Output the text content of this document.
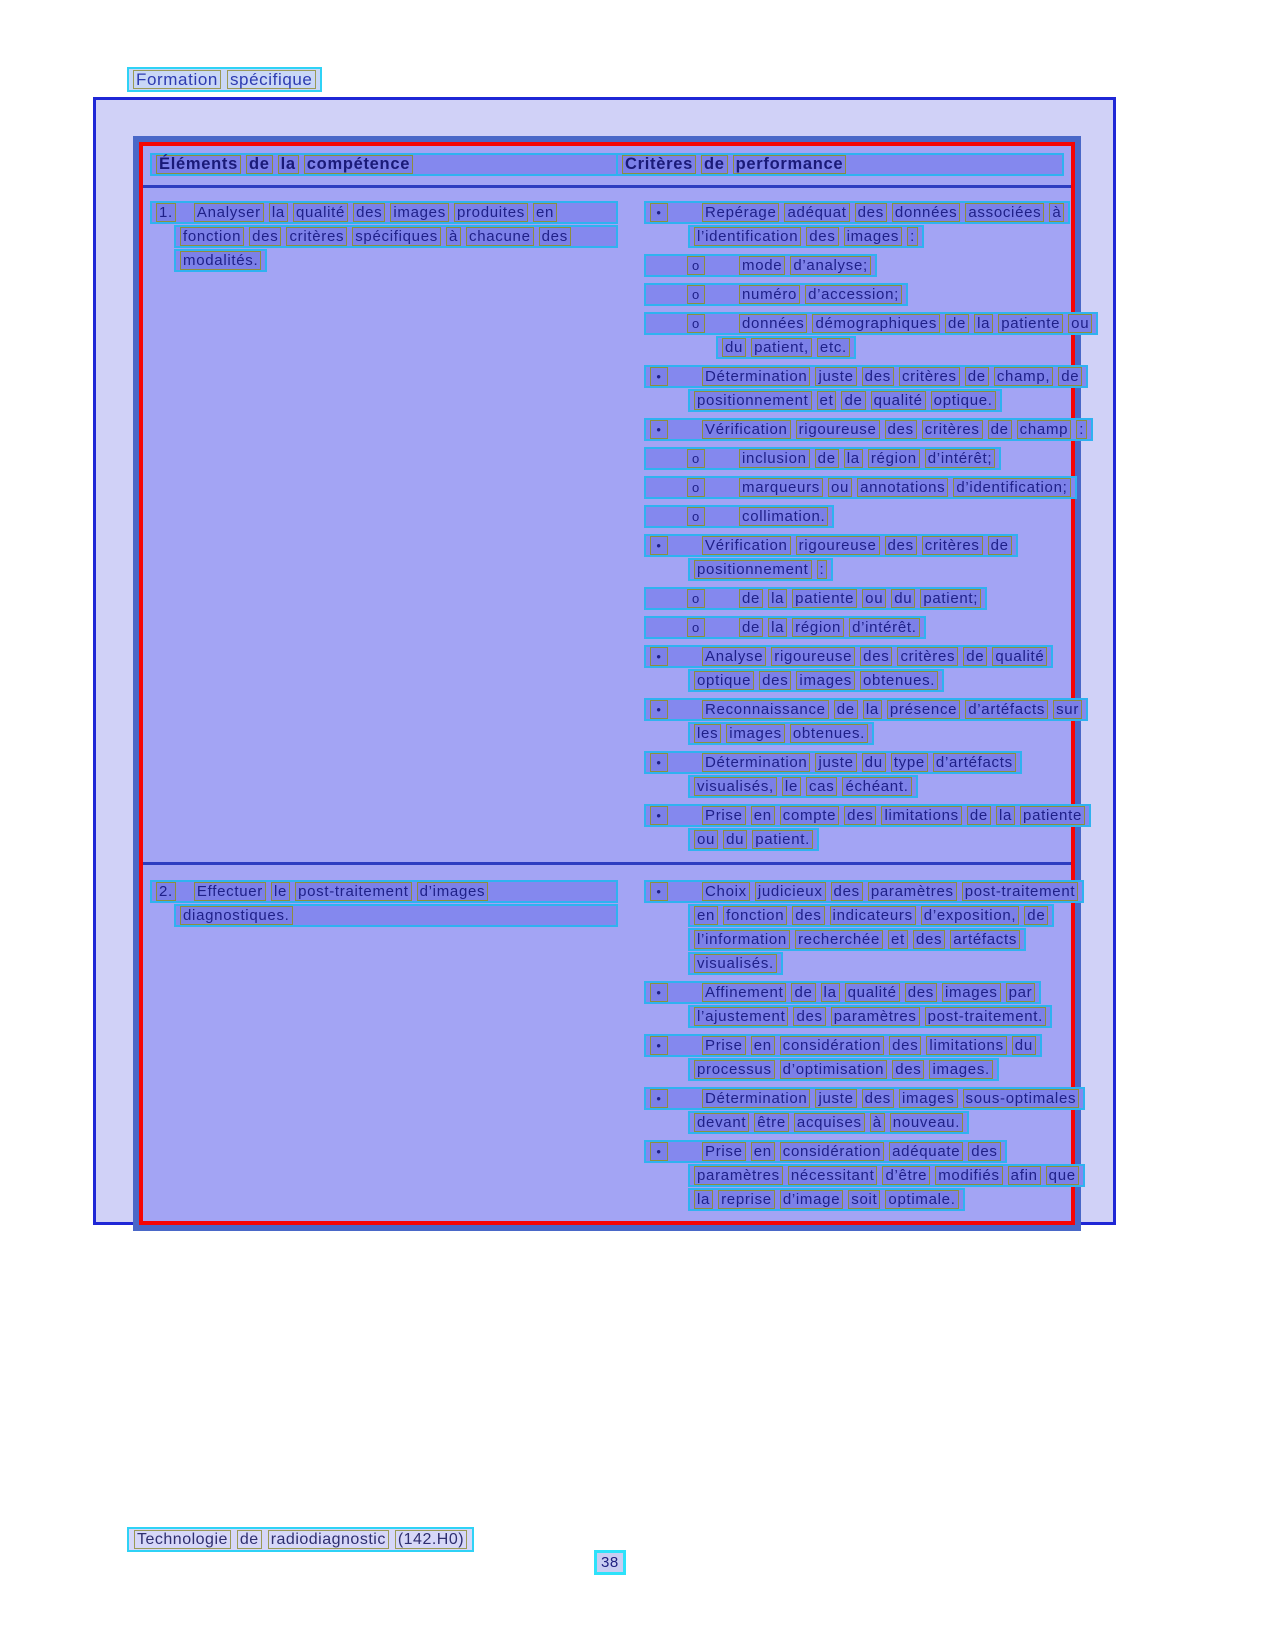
Formation spécifique
Éléments de la compétence	Critères de performance
1. Analyser la qualité des images produites en
fonction des critères spécifiques à chacune des
modalités.
•	Repérage adéquat des données associées à
l’identification des images :
o	mode d’analyse;
o	numéro d’accession;
o	données démographiques de la patiente ou
du patient, etc.
•	Détermination juste des critères de champ, de
positionnement et de qualité optique.
•	Vérification rigoureuse des critères de champ :
o	inclusion de la région d’intérêt;
o	marqueurs ou annotations d’identification;
o	collimation.
•	Vérification rigoureuse des critères de
positionnement :
o	de la patiente ou du patient;
o	de la région d’intérêt.
•	Analyse rigoureuse des critères de qualité
optique des images obtenues.
•	Reconnaissance de la présence d’artéfacts sur
les images obtenues.
•	Détermination juste du type d’artéfacts
visualisés, le cas échéant.
•	Prise en compte des limitations de la patiente
ou du patient.
2. Effectuer le post-traitement d’images
diagnostiques.
•	Choix judicieux des paramètres post-traitement
en fonction des indicateurs d’exposition, de
l’information recherchée et des artéfacts
visualisés.
•	Affinement de la qualité des images par
l’ajustement des paramètres post-traitement.
•	Prise en considération des limitations du
processus d’optimisation des images.
•	Détermination juste des images sous-optimales
devant être acquises à nouveau.
•	Prise en considération adéquate des
paramètres nécessitant d’être modifiés afin que
la reprise d’image soit optimale.
Technologie de radiodiagnostic (142.H0)
38
